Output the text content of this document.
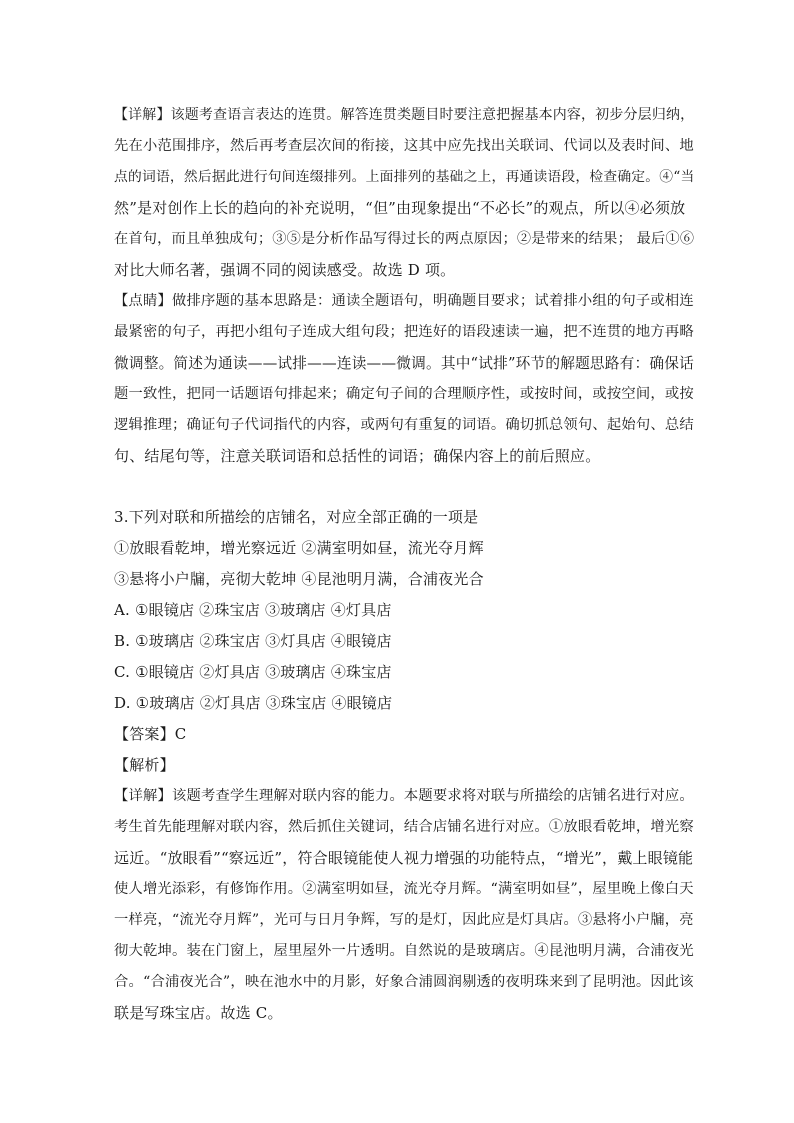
【详解】该题考查语言表达的连贯。解答连贯类题目时要注意把握基本内容，初步分层归纳，
先在小范围排序，然后再考查层次间的衔接，这其中应先找出关联词、代词以及表时间、地
点的词语，然后据此进行句间连缀排列。上面排列的基础之上，再通读语段，检查确定。④“当
然”是对创作上长的趋向的补充说明，“但”由现象提出“不必长”的观点，所以④必须放
在首句，而且单独成句；③⑤是分析作品写得过长的两点原因；②是带来的结果； 最后①⑥
对比大师名著，强调不同的阅读感受。故选 D 项。
【点睛】做排序题的基本思路是：通读全题语句，明确题目要求；试着排小组的句子或相连
最紧密的句子，再把小组句子连成大组句段；把连好的语段速读一遍，把不连贯的地方再略
微调整。简述为通读——试排——连读——微调。其中“试排”环节的解题思路有：确保话
题一致性，把同一话题语句排起来；确定句子间的合理顺序性，或按时间，或按空间，或按
逻辑推理；确证句子代词指代的内容，或两句有重复的词语。确切抓总领句、起始句、总结
句、结尾句等，注意关联词语和总括性的词语；确保内容上的前后照应。
3.下列对联和所描绘的店铺名，对应全部正确的一项是
①放眼看乾坤，增光察远近 ②满室明如昼，流光夺月辉
③悬将小户牖，亮彻大乾坤 ④昆池明月满，合浦夜光合
A. ①眼镜店 ②珠宝店 ③玻璃店 ④灯具店
B. ①玻璃店 ②珠宝店 ③灯具店 ④眼镜店
C. ①眼镜店 ②灯具店 ③玻璃店 ④珠宝店
D. ①玻璃店 ②灯具店 ③珠宝店 ④眼镜店
【答案】C
【解析】
【详解】该题考查学生理解对联内容的能力。本题要求将对联与所描绘的店铺名进行对应。
考生首先能理解对联内容，然后抓住关键词，结合店铺名进行对应。①放眼看乾坤，增光察
远近。“放眼看”“察远近”，符合眼镜能使人视力增强的功能特点，“增光”，戴上眼镜能
使人增光添彩，有修饰作用。②满室明如昼，流光夺月辉。“满室明如昼”，屋里晚上像白天
一样亮，“流光夺月辉”，光可与日月争辉，写的是灯，因此应是灯具店。③悬将小户牖，亮
彻大乾坤。装在门窗上，屋里屋外一片透明。自然说的是玻璃店。④昆池明月满，合浦夜光
合。“合浦夜光合”，映在池水中的月影，好象合浦圆润剔透的夜明珠来到了昆明池。因此该
联是写珠宝店。故选 C。
